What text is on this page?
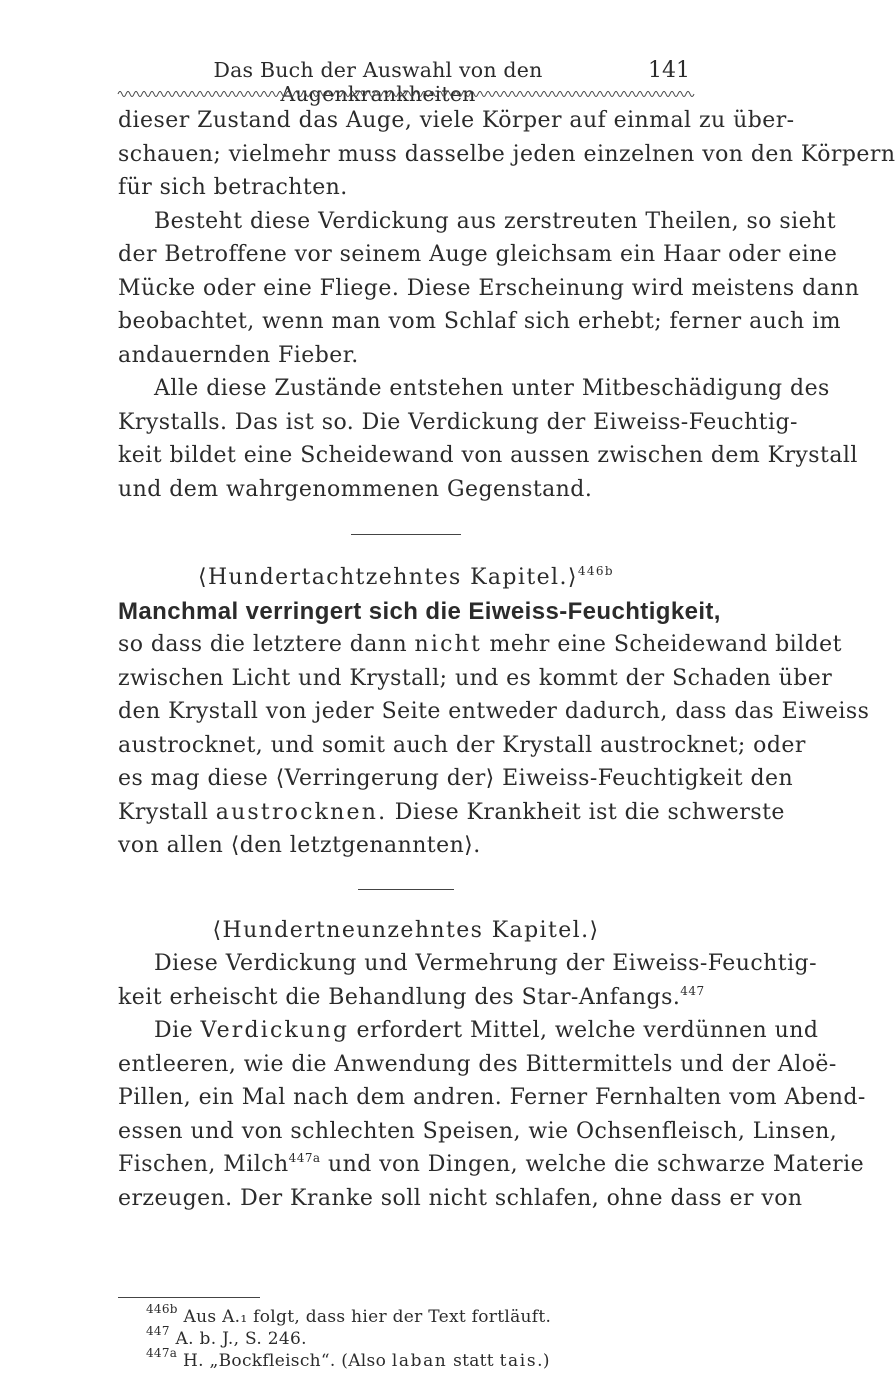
Das Buch der Auswahl von den Augenkrankheiten
141
dieser Zustand das Auge, viele Körper auf einmal zu über-
schauen; vielmehr muss dasselbe jeden einzelnen von den Körpern
für sich betrachten.
Besteht diese Verdickung aus zerstreuten Theilen, so sieht
der Betroffene vor seinem Auge gleichsam ein Haar oder eine
Mücke oder eine Fliege. Diese Erscheinung wird meistens dann
beobachtet, wenn man vom Schlaf sich erhebt; ferner auch im
andauernden Fieber.
Alle diese Zustände entstehen unter Mitbeschädigung des
Krystalls. Das ist so. Die Verdickung der Eiweiss-Feuchtig-
keit bildet eine Scheidewand von aussen zwischen dem Krystall
und dem wahrgenommenen Gegenstand.
⟨Hundertachtzehntes Kapitel.⟩$^{446b}$
Manchmal verringert sich die Eiweiss-Feuchtigkeit,
so dass die letztere dann nicht mehr eine Scheidewand bildet
zwischen Licht und Krystall; und es kommt der Schaden über
den Krystall von jeder Seite entweder dadurch, dass das Eiweiss
austrocknet, und somit auch der Krystall austrocknet; oder
es mag diese ⟨Verringerung der⟩ Eiweiss-Feuchtigkeit den
Krystall austrocknen. Diese Krankheit ist die schwerste
von allen ⟨den letztgenannten⟩.
⟨Hundertneunzehntes Kapitel.⟩
Diese Verdickung und Vermehrung der Eiweiss-Feuchtig-
keit erheischt die Behandlung des Star-Anfangs.$^{447}$
Die Verdickung erfordert Mittel, welche verdünnen und
entleeren, wie die Anwendung des Bittermittels und der Aloë-
Pillen, ein Mal nach dem andren. Ferner Fernhalten vom Abend-
essen und von schlechten Speisen, wie Ochsenfleisch, Linsen,
Fischen, Milch$^{447a}$ und von Dingen, welche die schwarze Materie
erzeugen. Der Kranke soll nicht schlafen, ohne dass er von
$^{446b}$ Aus A.₁ folgt, dass hier der Text fortläuft.
$^{447}$ A. b. J., S. 246.
$^{447a}$ H. „Bockfleisch“. (Also laban statt tais.)
